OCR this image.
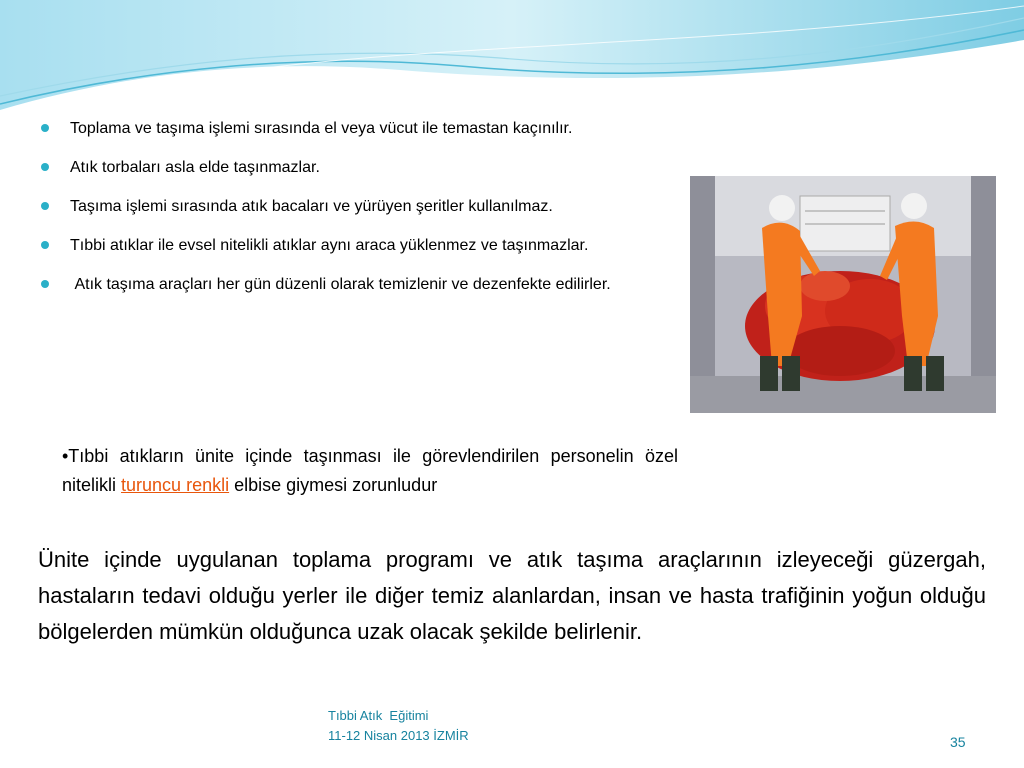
Toplama ve taşıma işlemi sırasında el veya vücut ile temastan kaçınılır.
Atık torbaları asla elde taşınmazlar.
Taşıma işlemi sırasında atık bacaları ve yürüyen şeritler kullanılmaz.
Tıbbi atıklar ile evsel nitelikli atıklar aynı araca yüklenmez ve taşınmazlar.
Atık taşıma araçları her gün düzenli olarak temizlenir ve dezenfekte edilirler.
•Tıbbi atıkların ünite içinde taşınması ile görevlendirilen personelin özel nitelikli turuncu renkli elbise giymesi zorunludur
Ünite içinde uygulanan toplama programı ve atık taşıma araçlarının izleyeceği güzergah, hastaların tedavi olduğu yerler ile diğer temiz alanlardan, insan ve hasta trafiğinin yoğun olduğu bölgelerden mümkün olduğunca uzak olacak şekilde belirlenir.
Tıbbi Atık  Eğitimi
11-12 Nisan 2013 İZMİR	35
